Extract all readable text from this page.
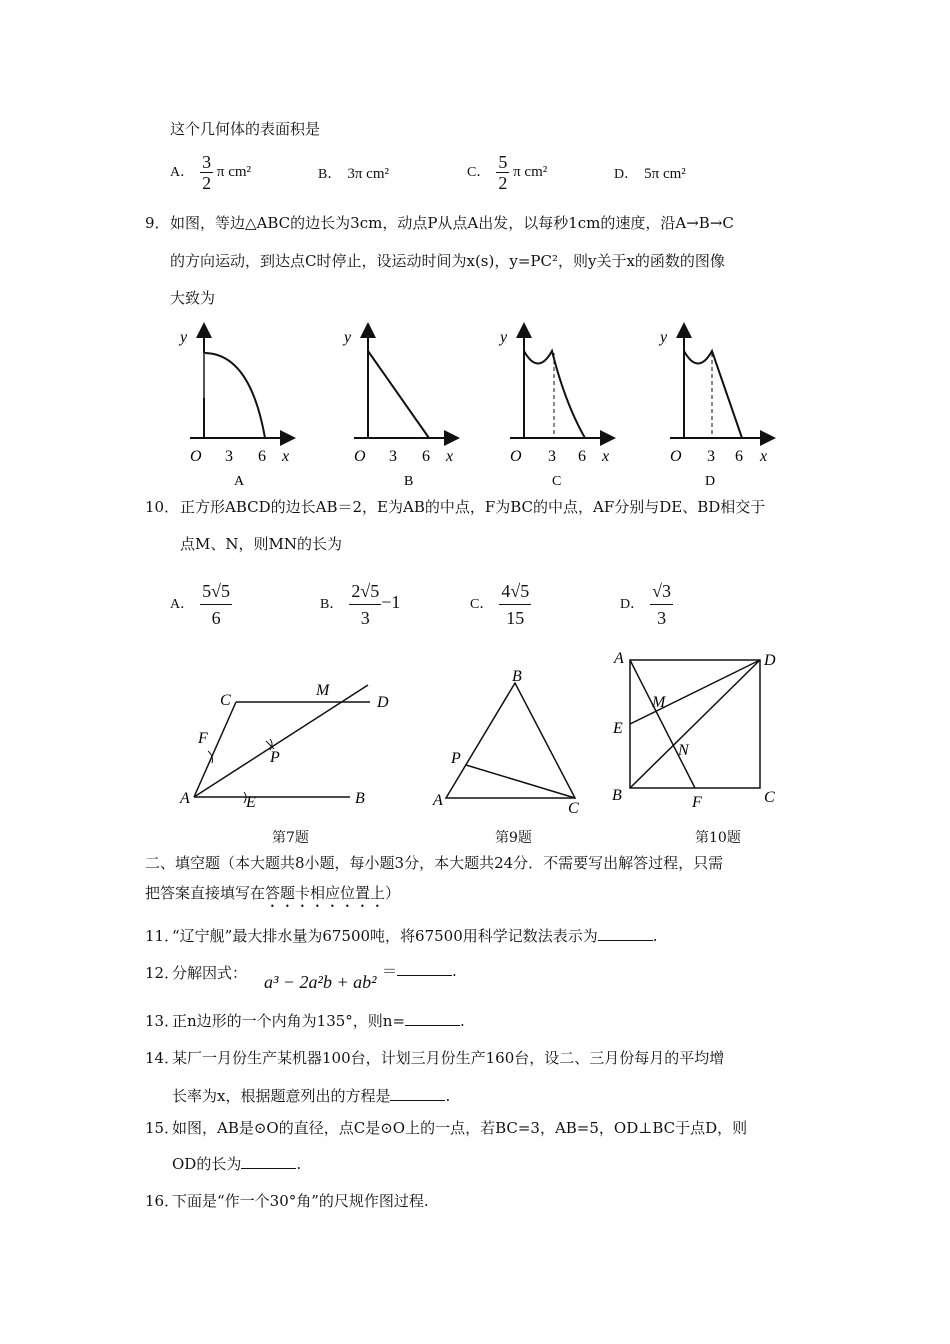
这个几何体的表面积是
A． $\frac{3}{2}$ π cm²	B． 3π cm²	C． $\frac{5}{2}$ π cm²	D． 5π cm²
9． 如图，等边△ABC的边长为3cm，动点P从点A出发，以每秒1cm的速度，沿A→B→C
的方向运动，到达点C时停止，设运动时间为x(s)，y=PC²，则y关于x的函数的图像
大致为
y
O 3 6 x
A
y
O 3 6 x
B
y
O 3 6 x
C
y
O 3 6 x
D
10． 正方形ABCD的边长AB＝2，E为AB的中点，F为BC的中点，AF分别与DE、BD相交于
点M、N，则MN的长为
A． $\frac{5√5}{6}$	B． $\frac{2√5}{3} -1$	C． $\frac{4√5}{15}$	D． $\frac{√3}{3}$
A	B
C	D
E
F
M
P
A
B
C
P
A
B	C
D
E
F
M
N
第7题	第9题	第10题
二、填空题（本大题共8小题，每小题3分，本大题共24分．不需要写出解答过程，只需
把答案直接填写在答题卡相应位置上）
11．
“辽宁舰”最大排水量为67500吨，将67500用科学记数法表示为	.
12．
分解因式： a³ − 2a²b + ab²
＝	.
13．
正n边形的一个内角为135°，则n=	.
14．
某厂一月份生产某机器100台，计划三月份生产160台，设二、三月份每月的平均增
长率为x，根据题意列出的方程是	.
15．
如图，AB是⊙O的直径，点C是⊙O上的一点，若BC=3，AB=5，OD⊥BC于点D，则
OD的长为	.
16．
下面是“作一个30°角”的尺规作图过程.
